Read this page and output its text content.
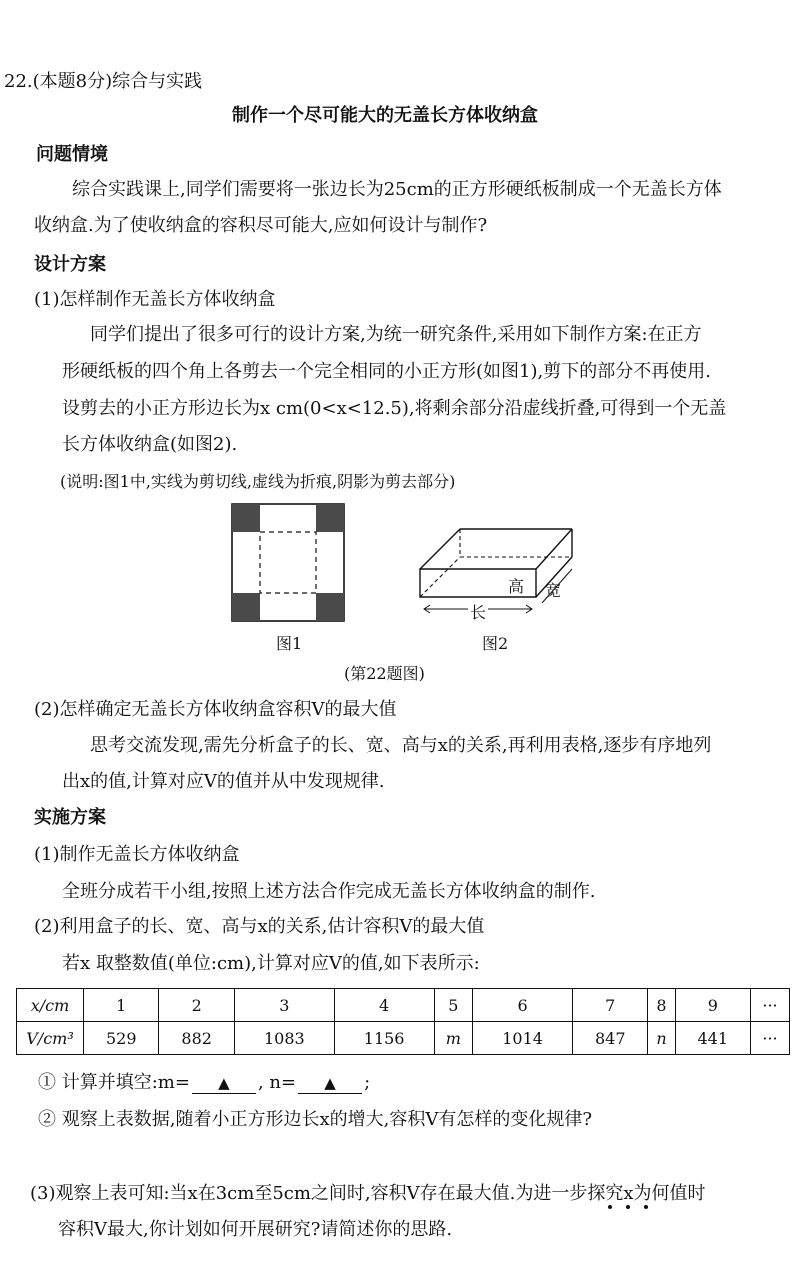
22.(本题8分)综合与实践
制作一个尽可能大的无盖长方体收纳盒
问题情境
综合实践课上,同学们需要将一张边长为25cm的正方形硬纸板制成一个无盖长方体
收纳盒.为了使收纳盒的容积尽可能大,应如何设计与制作?
设计方案
(1)怎样制作无盖长方体收纳盒
同学们提出了很多可行的设计方案,为统一研究条件,采用如下制作方案:在正方
形硬纸板的四个角上各剪去一个完全相同的小正方形(如图1),剪下的部分不再使用.
设剪去的小正方形边长为x cm(0<x<12.5),将剩余部分沿虚线折叠,可得到一个无盖
长方体收纳盒(如图2).
(说明:图1中,实线为剪切线,虚线为折痕,阴影为剪去部分)
图1
高 宽
长
图2
(第22题图)
(2)怎样确定无盖长方体收纳盒容积V的最大值
思考交流发现,需先分析盒子的长、宽、高与x的关系,再利用表格,逐步有序地列
出x的值,计算对应V的值并从中发现规律.
实施方案
(1)制作无盖长方体收纳盒
全班分成若干小组,按照上述方法合作完成无盖长方体收纳盒的制作.
(2)利用盒子的长、宽、高与x的关系,估计容积V的最大值
若x 取整数值(单位:cm),计算对应V的值,如下表所示:
x/cm	1	2	3	4	5	6	7	8	9	···
V/cm³	529	882	1083	1156	m	1014	847	n	441	···
① 计算并填空:m= ▲ , n= ▲ ;
② 观察上表数据,随着小正方形边长x的增大,容积V有怎样的变化规律?
(3)观察上表可知:当x在3cm至5cm之间时,容积V存在最大值.为进一步探究x为何值时
容积V最大,你计划如何开展研究?请简述你的思路.
